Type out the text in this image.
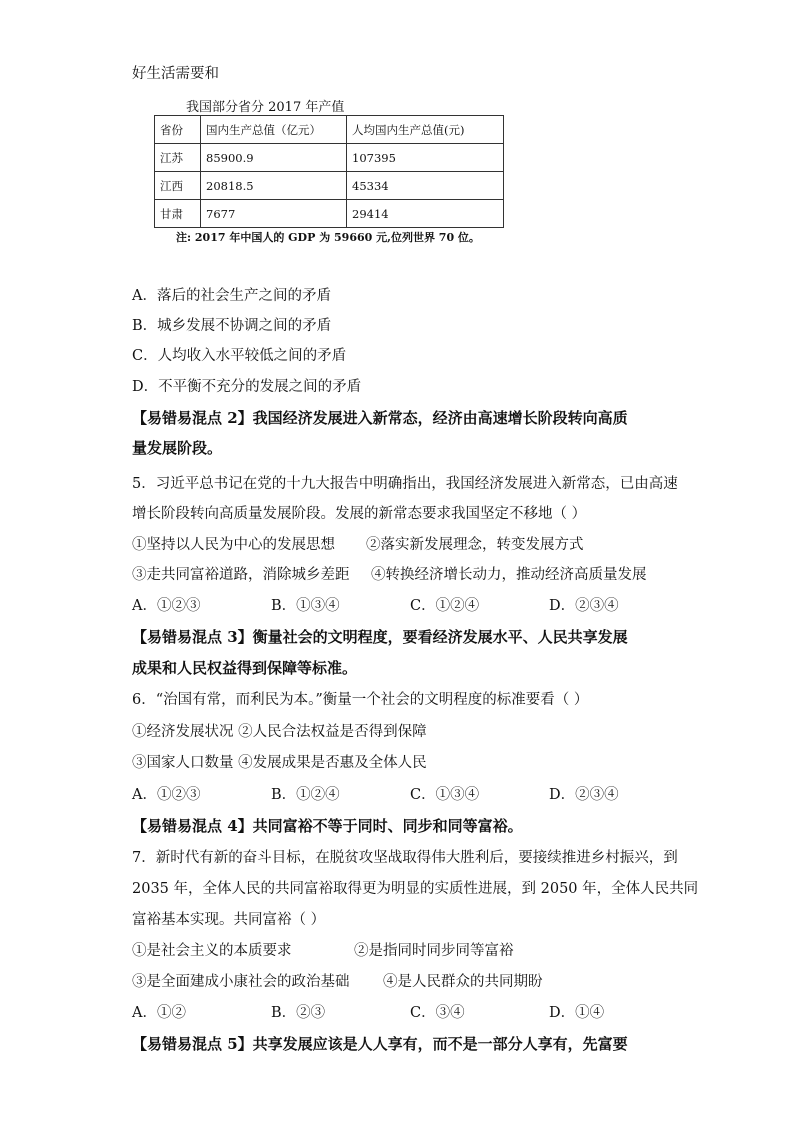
好生活需要和
我国部分省分 2017 年产值
省份	国内生产总值（亿元）	人均国内生产总值(元)
江苏	85900.9	107395
江西	20818.5	45334
甘肃	7677	29414
注: 2017 年中国人的 GDP 为 59660 元,位列世界 70 位。
A．落后的社会生产之间的矛盾
B．城乡发展不协调之间的矛盾
C．人均收入水平较低之间的矛盾
D．不平衡不充分的发展之间的矛盾
【易错易混点 2】我国经济发展进入新常态，经济由高速增长阶段转向高质
量发展阶段。
5．习近平总书记在党的十九大报告中明确指出，我国经济发展进入新常态，已由高速
增长阶段转向高质量发展阶段。发展的新常态要求我国坚定不移地（ ）
①坚持以人民为中心的发展思想 ②落实新发展理念，转变发展方式
③走共同富裕道路，消除城乡差距 ④转换经济增长动力，推动经济高质量发展
A．①②③	B．①③④	C．①②④	D．②③④
【易错易混点 3】衡量社会的文明程度，要看经济发展水平、人民共享发展
成果和人民权益得到保障等标准。
6．“治国有常，而利民为本。”衡量一个社会的文明程度的标准要看（ ）
①经济发展状况 ②人民合法权益是否得到保障
③国家人口数量 ④发展成果是否惠及全体人民
A．①②③	B．①②④	C．①③④	D．②③④
【易错易混点 4】共同富裕不等于同时、同步和同等富裕。
7．新时代有新的奋斗目标，在脱贫攻坚战取得伟大胜利后，要接续推进乡村振兴，到
2035 年，全体人民的共同富裕取得更为明显的实质性进展，到 2050 年，全体人民共同
富裕基本实现。共同富裕（ ）
①是社会主义的本质要求	②是指同时同步同等富裕
③是全面建成小康社会的政治基础 ④是人民群众的共同期盼
A．①②	B．②③	C．③④	D．①④
【易错易混点 5】共享发展应该是人人享有，而不是一部分人享有，先富要
